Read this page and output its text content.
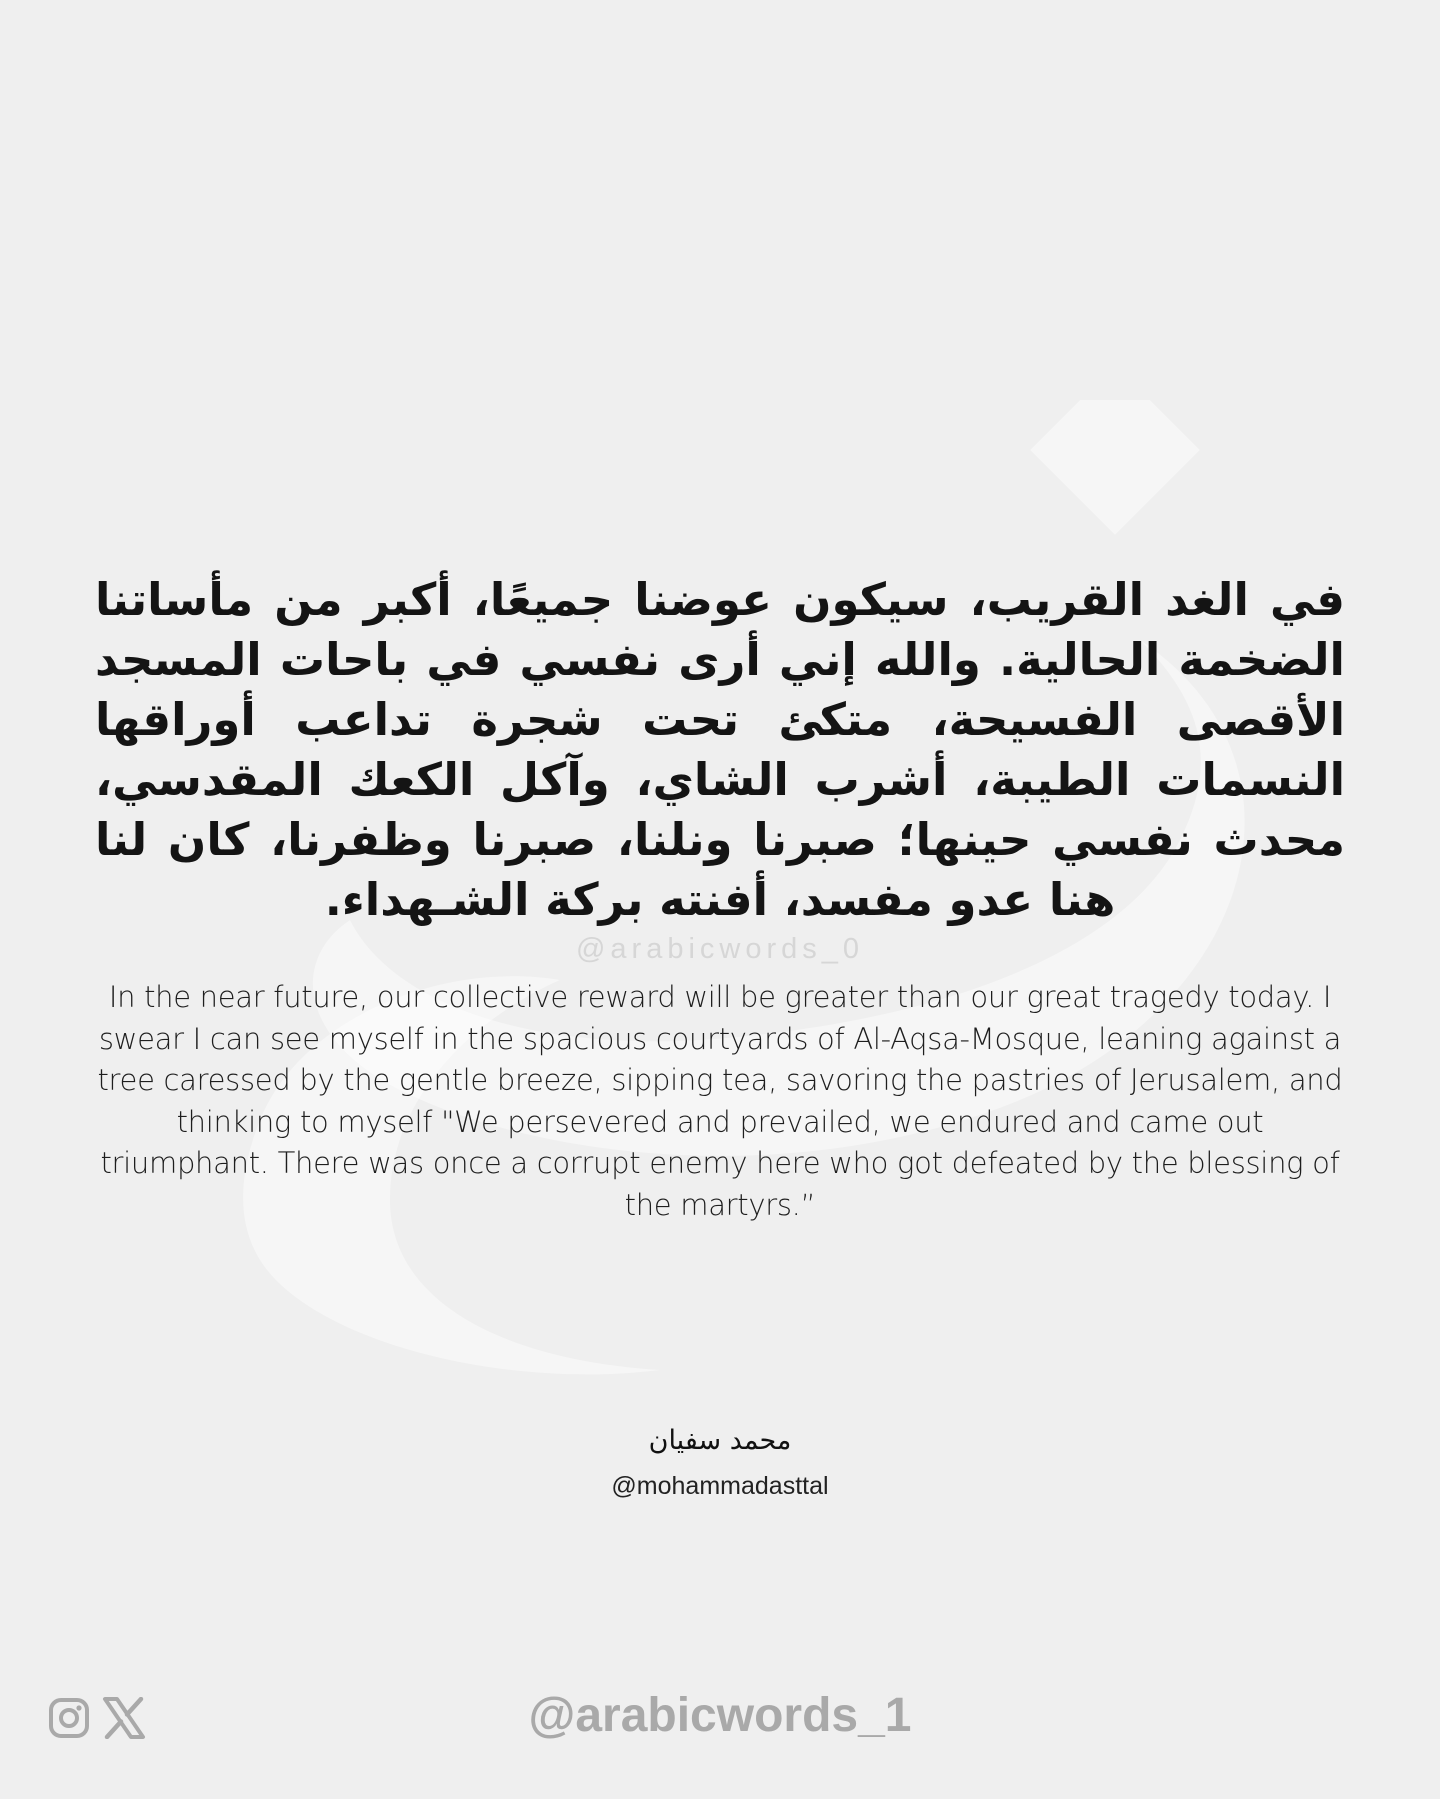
في الغد القريب، سيكون عوضنا جميعًا، أكبر من مأساتنا الضخمة الحالية. والله إني أرى نفسي في باحات المسجد الأقصى الفسيحة، متكئ تحت شجرة تداعب أوراقها النسمات الطيبة، أشرب الشاي، وآكل الكعك المقدسي، محدث نفسي حينها؛ صبرنا ونلنا، صبرنا وظفرنا، كان لنا هنا عدو مفسد، أفنته بركة الشـهداء.
@arabicwords_0
In the near future, our collective reward will be greater than our great tragedy today. I swear I can see myself in the spacious courtyards of Al-Aqsa-Mosque, leaning against a tree caressed by the gentle breeze, sipping tea, savoring the pastries of Jerusalem, and thinking to myself "We persevered and prevailed, we endured and came out triumphant. There was once a corrupt enemy here who got defeated by the blessing of the martyrs.”
محمد سفيان
@mohammadasttal
@arabicwords_1
